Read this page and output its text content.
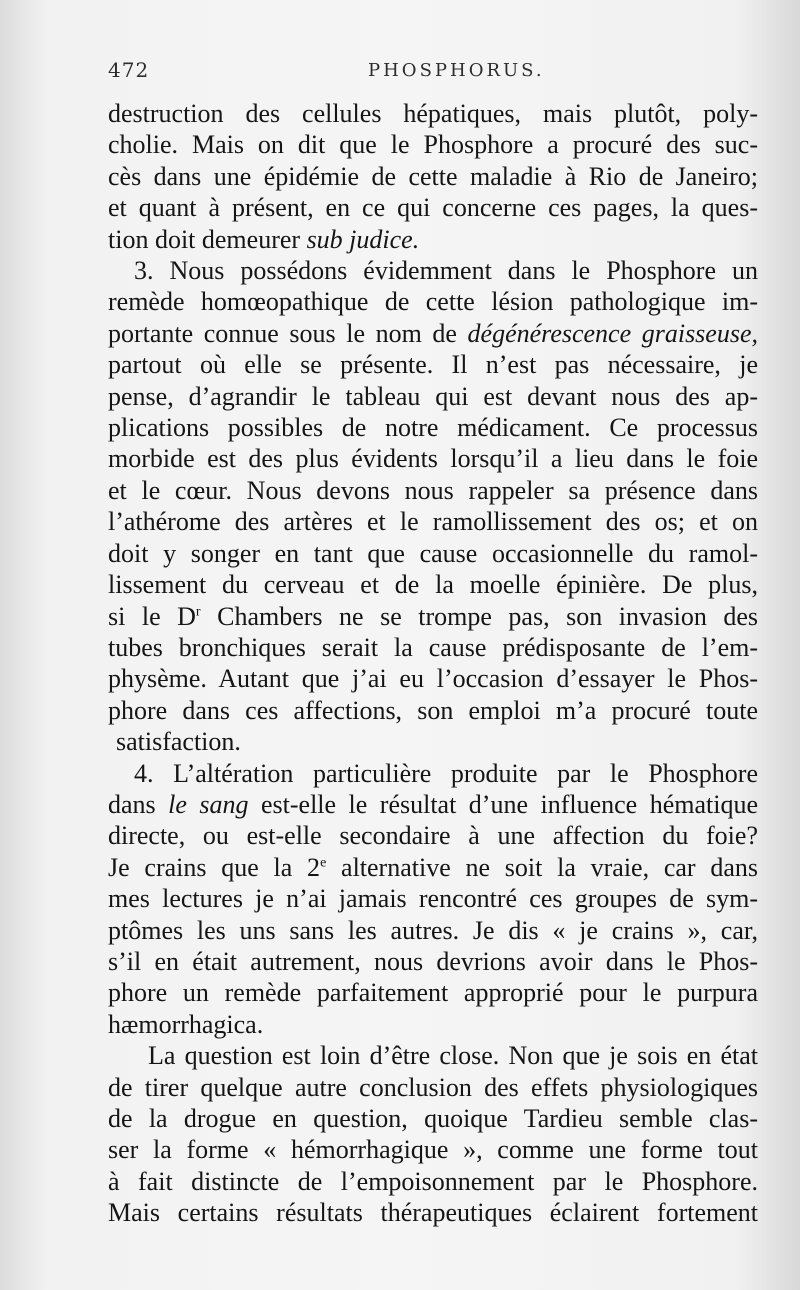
472	PHOSPHORUS.
destruction des cellules hépatiques, mais plutôt, poly-
cholie. Mais on dit que le Phosphore a procuré des suc-
cès dans une épidémie de cette maladie à Rio de Janeiro;
et quant à présent, en ce qui concerne ces pages, la ques-
tion doit demeurer sub judice.
3. Nous possédons évidemment dans le Phosphore un
remède homœopathique de cette lésion pathologique im-
portante connue sous le nom de dégénérescence graisseuse,
partout où elle se présente. Il n’est pas nécessaire, je
pense, d’agrandir le tableau qui est devant nous des ap-
plications possibles de notre médicament. Ce processus
morbide est des plus évidents lorsqu’il a lieu dans le foie
et le cœur. Nous devons nous rappeler sa présence dans
l’athérome des artères et le ramollissement des os; et on
doit y songer en tant que cause occasionnelle du ramol-
lissement du cerveau et de la moelle épinière. De plus,
si le $D^r$ Chambers ne se trompe pas, son invasion des
tubes bronchiques serait la cause prédisposante de l’em-
physème. Autant que j’ai eu l’occasion d’essayer le Phos-
phore dans ces affections, son emploi m’a procuré toute
satisfaction.
4. L’altération particulière produite par le Phosphore
dans le sang est-elle le résultat d’une influence hématique
directe, ou est-elle secondaire à une affection du foie?
Je crains que la 2e alternative ne soit la vraie, car dans
mes lectures je n’ai jamais rencontré ces groupes de sym-
ptômes les uns sans les autres. Je dis « je crains », car,
s’il en était autrement, nous devrions avoir dans le Phos-
phore un remède parfaitement approprié pour le purpura
hæmorrhagica.
La question est loin d’être close. Non que je sois en état
de tirer quelque autre conclusion des effets physiologiques
de la drogue en question, quoique Tardieu semble clas-
ser la forme « hémorrhagique », comme une forme tout
à fait distincte de l’empoisonnement par le Phosphore.
Mais certains résultats thérapeutiques éclairent fortement
